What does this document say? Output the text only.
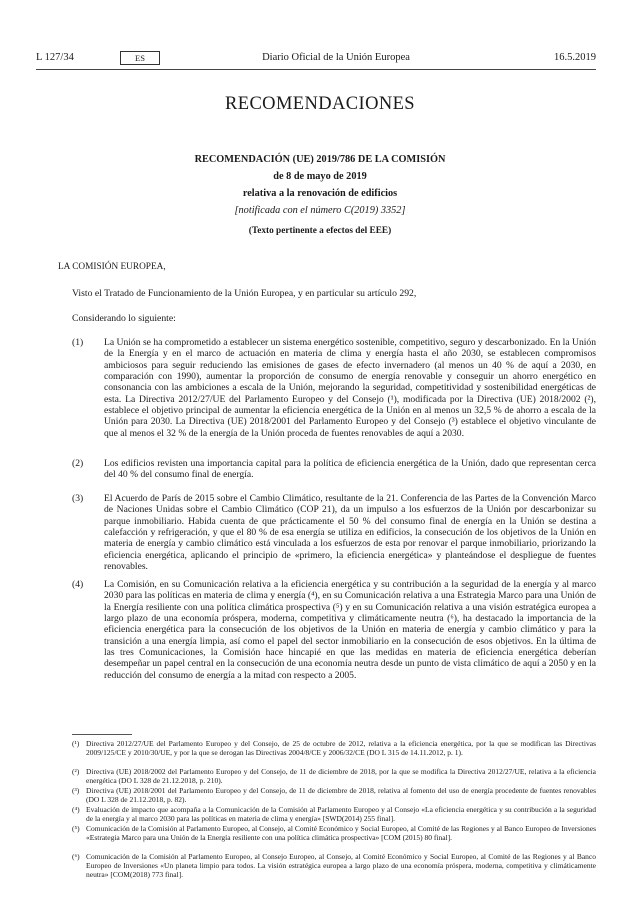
L 127/34	ES	Diario Oficial de la Unión Europea	16.5.2019
RECOMENDACIONES
RECOMENDACIÓN (UE) 2019/786 DE LA COMISIÓN
de 8 de mayo de 2019
relativa a la renovación de edificios
[notificada con el número C(2019) 3352]
(Texto pertinente a efectos del EEE)
LA COMISIÓN EUROPEA,
Visto el Tratado de Funcionamiento de la Unión Europea, y en particular su artículo 292,
Considerando lo siguiente:
(1)	La Unión se ha comprometido a establecer un sistema energético sostenible, competitivo, seguro y descarbonizado. En la Unión de la Energía y en el marco de actuación en materia de clima y energía hasta el año 2030, se establecen compromisos ambiciosos para seguir reduciendo las emisiones de gases de efecto invernadero (al menos un 40 % de aquí a 2030, en comparación con 1990), aumentar la proporción de consumo de energía renovable y conseguir un ahorro energético en consonancia con las ambiciones a escala de la Unión, mejorando la seguridad, competitividad y sostenibilidad energéticas de esta. La Directiva 2012/27/UE del Parlamento Europeo y del Consejo (¹), modificada por la Directiva (UE) 2018/2002 (²), establece el objetivo principal de aumentar la eficiencia energética de la Unión en al menos un 32,5 % de ahorro a escala de la Unión para 2030. La Directiva (UE) 2018/2001 del Parlamento Europeo y del Consejo (³) establece el objetivo vinculante de que al menos el 32 % de la energía de la Unión proceda de fuentes renovables de aquí a 2030.
(2)	Los edificios revisten una importancia capital para la política de eficiencia energética de la Unión, dado que representan cerca del 40 % del consumo final de energía.
(3)	El Acuerdo de París de 2015 sobre el Cambio Climático, resultante de la 21. Conferencia de las Partes de la Convención Marco de Naciones Unidas sobre el Cambio Climático (COP 21), da un impulso a los esfuerzos de la Unión por descarbonizar su parque inmobiliario. Habida cuenta de que prácticamente el 50 % del consumo final de energía en la Unión se destina a calefacción y refrigeración, y que el 80 % de esa energía se utiliza en edificios, la consecución de los objetivos de la Unión en materia de energía y cambio climático está vinculada a los esfuerzos de esta por renovar el parque inmobiliario, priorizando la eficiencia energética, aplicando el principio de «primero, la eficiencia energética» y planteándose el despliegue de fuentes renovables.
(4)	La Comisión, en su Comunicación relativa a la eficiencia energética y su contribución a la seguridad de la energía y al marco 2030 para las políticas en materia de clima y energía (⁴), en su Comunicación relativa a una Estrategia Marco para una Unión de la Energía resiliente con una política climática prospectiva (⁵) y en su Comunicación relativa a una visión estratégica europea a largo plazo de una economía próspera, moderna, competitiva y climáticamente neutra (⁶), ha destacado la importancia de la eficiencia energética para la consecución de los objetivos de la Unión en materia de energía y cambio climático y para la transición a una energía limpia, así como el papel del sector inmobiliario en la consecución de esos objetivos. En la última de las tres Comunicaciones, la Comisión hace hincapié en que las medidas en materia de eficiencia energética deberían desempeñar un papel central en la consecución de una economía neutra desde un punto de vista climático de aquí a 2050 y en la reducción del consumo de energía a la mitad con respecto a 2005.
(¹) Directiva 2012/27/UE del Parlamento Europeo y del Consejo, de 25 de octubre de 2012, relativa a la eficiencia energética, por la que se modifican las Directivas 2009/125/CE y 2010/30/UE, y por la que se derogan las Directivas 2004/8/CE y 2006/32/CE (DO L 315 de 14.11.2012, p. 1).
(²) Directiva (UE) 2018/2002 del Parlamento Europeo y del Consejo, de 11 de diciembre de 2018, por la que se modifica la Directiva 2012/27/UE, relativa a la eficiencia energética (DO L 328 de 21.12.2018, p. 210).
(³) Directiva (UE) 2018/2001 del Parlamento Europeo y del Consejo, de 11 de diciembre de 2018, relativa al fomento del uso de energía procedente de fuentes renovables (DO L 328 de 21.12.2018, p. 82).
(⁴) Evaluación de impacto que acompaña a la Comunicación de la Comisión al Parlamento Europeo y al Consejo «La eficiencia energética y su contribución a la seguridad de la energía y al marco 2030 para las políticas en materia de clima y energía» [SWD(2014) 255 final].
(⁵) Comunicación de la Comisión al Parlamento Europeo, al Consejo, al Comité Económico y Social Europeo, al Comité de las Regiones y al Banco Europeo de Inversiones «Estrategia Marco para una Unión de la Energía resiliente con una política climática prospectiva» [COM (2015) 80 final].
(⁶) Comunicación de la Comisión al Parlamento Europeo, al Consejo Europeo, al Consejo, al Comité Económico y Social Europeo, al Comité de las Regiones y al Banco Europeo de Inversiones «Un planeta limpio para todos. La visión estratégica europea a largo plazo de una economía próspera, moderna, competitiva y climáticamente neutra» [COM(2018) 773 final].
